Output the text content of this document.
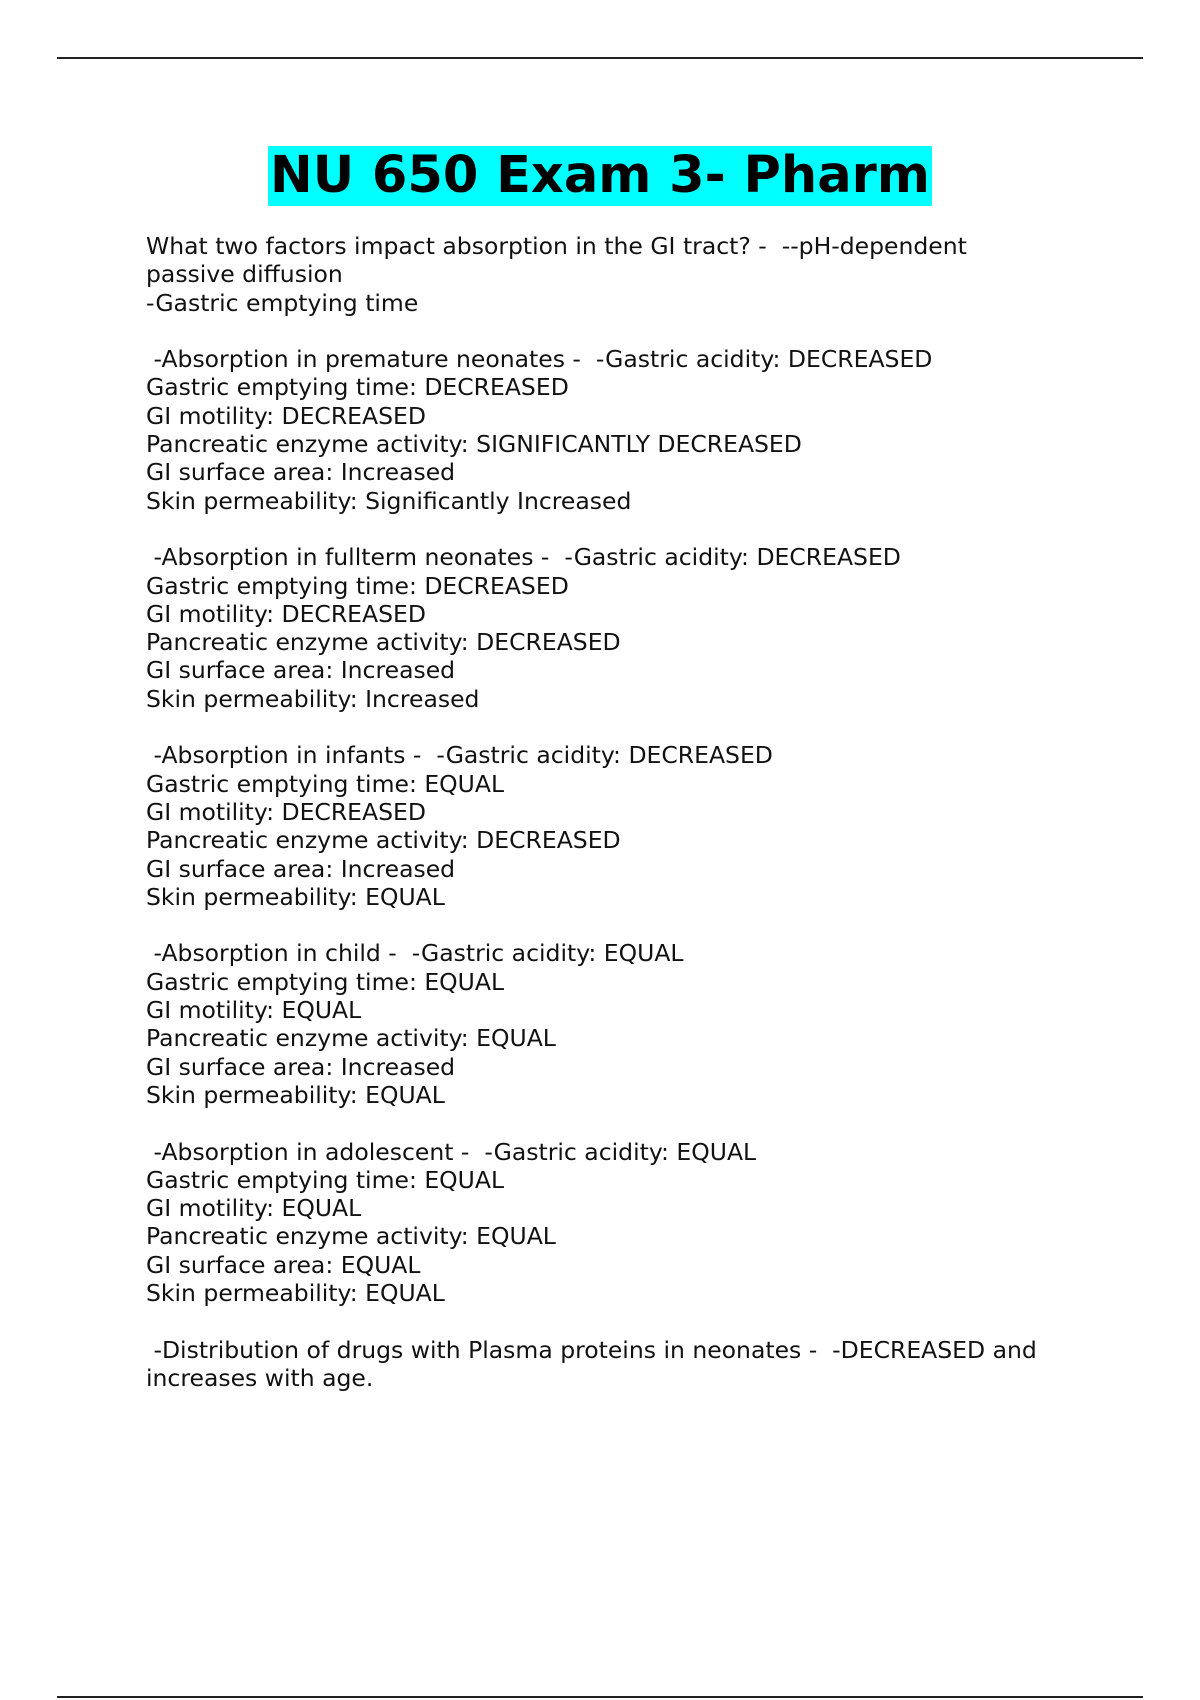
NU 650 Exam 3- Pharm
What two factors impact absorption in the GI tract? -  --pH-dependent
passive diffusion
-Gastric emptying time
-Absorption in premature neonates -  -Gastric acidity: DECREASED
Gastric emptying time: DECREASED
GI motility: DECREASED
Pancreatic enzyme activity: SIGNIFICANTLY DECREASED
GI surface area: Increased
Skin permeability: Significantly Increased
-Absorption in fullterm neonates -  -Gastric acidity: DECREASED
Gastric emptying time: DECREASED
GI motility: DECREASED
Pancreatic enzyme activity: DECREASED
GI surface area: Increased
Skin permeability: Increased
-Absorption in infants -  -Gastric acidity: DECREASED
Gastric emptying time: EQUAL
GI motility: DECREASED
Pancreatic enzyme activity: DECREASED
GI surface area: Increased
Skin permeability: EQUAL
-Absorption in child -  -Gastric acidity: EQUAL
Gastric emptying time: EQUAL
GI motility: EQUAL
Pancreatic enzyme activity: EQUAL
GI surface area: Increased
Skin permeability: EQUAL
-Absorption in adolescent -  -Gastric acidity: EQUAL
Gastric emptying time: EQUAL
GI motility: EQUAL
Pancreatic enzyme activity: EQUAL
GI surface area: EQUAL
Skin permeability: EQUAL
-Distribution of drugs with Plasma proteins in neonates -  -DECREASED and
increases with age.
